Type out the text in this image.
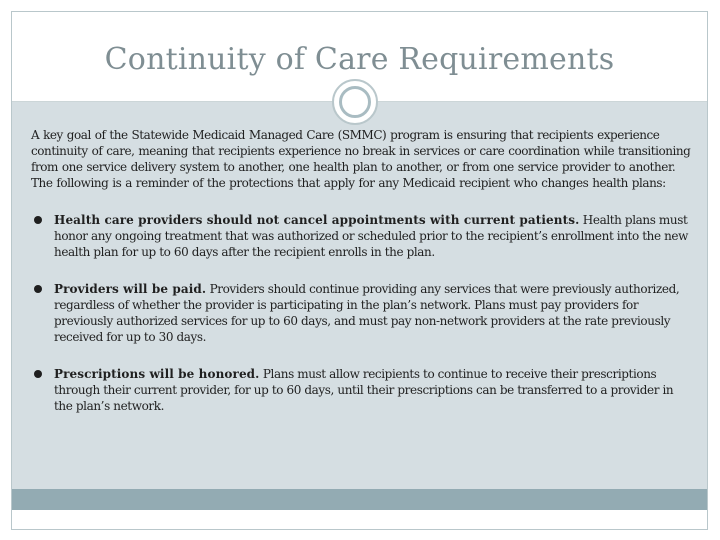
Continuity of Care Requirements

A key goal of the Statewide Medicaid Managed Care (SMMC) program is ensuring that recipients experience continuity of care, meaning that recipients experience no break in services or care coordination while transitioning from one service delivery system to another, one health plan to another, or from one service provider to another. The following is a reminder of the protections that apply for any Medicaid recipient who changes health plans:

Health care providers should not cancel appointments with current patients. Health plans must honor any ongoing treatment that was authorized or scheduled prior to the recipient’s enrollment into the new health plan for up to 60 days after the recipient enrolls in the plan.
Providers will be paid. Providers should continue providing any services that were previously authorized, regardless of whether the provider is participating in the plan’s network. Plans must pay providers for previously authorized services for up to 60 days, and must pay non-network providers at the rate previously received for up to 30 days.
Prescriptions will be honored. Plans must allow recipients to continue to receive their prescriptions through their current provider, for up to 60 days, until their prescriptions can be transferred to a provider in the plan’s network.
